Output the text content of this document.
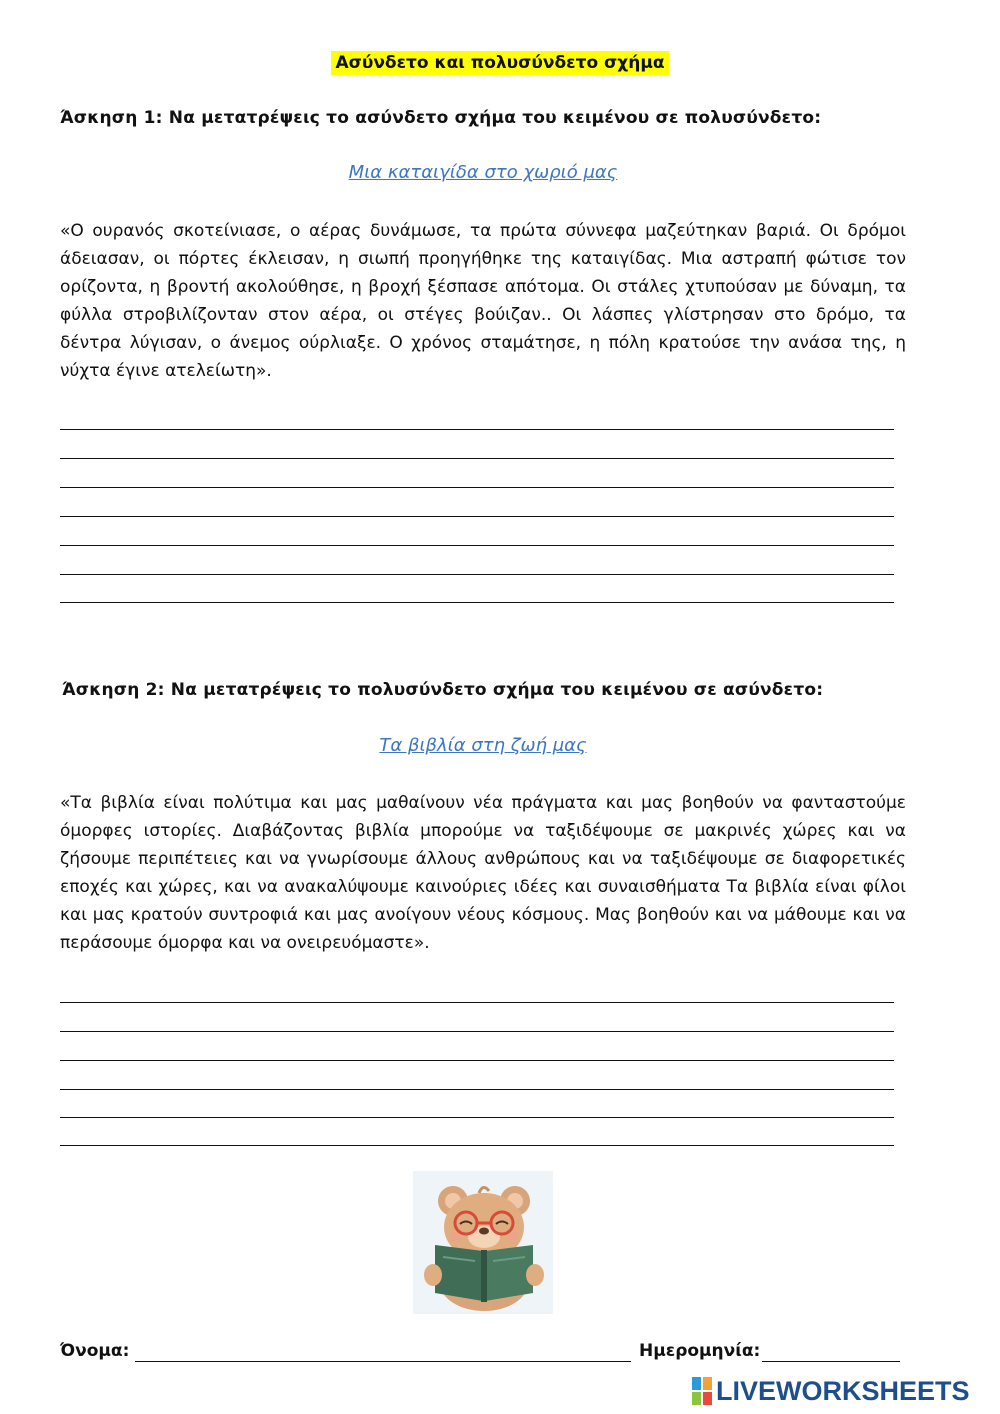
Ασύνδετο και πολυσύνδετο σχήμα
Άσκηση 1: Να μετατρέψεις το ασύνδετο σχήμα του κειμένου σε πολυσύνδετο:
Μια καταιγίδα στο χωριό μας
«Ο ουρανός σκοτείνιασε, ο αέρας δυνάμωσε, τα πρώτα σύννεφα μαζεύτηκαν βαριά. Οι δρόμοι άδειασαν, οι πόρτες έκλεισαν, η σιωπή προηγήθηκε της καταιγίδας. Μια αστραπή φώτισε τον ορίζοντα, η βροντή ακολούθησε, η βροχή ξέσπασε απότομα. Οι στάλες χτυπούσαν με δύναμη, τα φύλλα στροβιλίζονταν στον αέρα, οι στέγες βούιζαν.. Οι λάσπες γλίστρησαν στο δρόμο, τα δέντρα λύγισαν, ο άνεμος ούρλιαξε. Ο χρόνος σταμάτησε, η πόλη κρατούσε την ανάσα της, η νύχτα έγινε ατελείωτη».
Άσκηση 2: Να μετατρέψεις το πολυσύνδετο σχήμα του κειμένου σε ασύνδετο:
Τα βιβλία στη ζωή μας
«Τα βιβλία είναι πολύτιμα και μας μαθαίνουν νέα πράγματα και μας βοηθούν να φανταστούμε όμορφες ιστορίες. Διαβάζοντας βιβλία μπορούμε να ταξιδέψουμε σε μακρινές χώρες και να ζήσουμε περιπέτειες και να γνωρίσουμε άλλους ανθρώπους και να ταξιδέψουμε σε διαφορετικές εποχές και χώρες, και να ανακαλύψουμε καινούριες ιδέες και συναισθήματα Τα βιβλία είναι φίλοι και μας κρατούν συντροφιά και μας ανοίγουν νέους κόσμους. Μας βοηθούν και να μάθουμε και να περάσουμε όμορφα και να ονειρευόμαστε».
Όνομα:	Ημερομηνία:
LIVEWORKSHEETS
